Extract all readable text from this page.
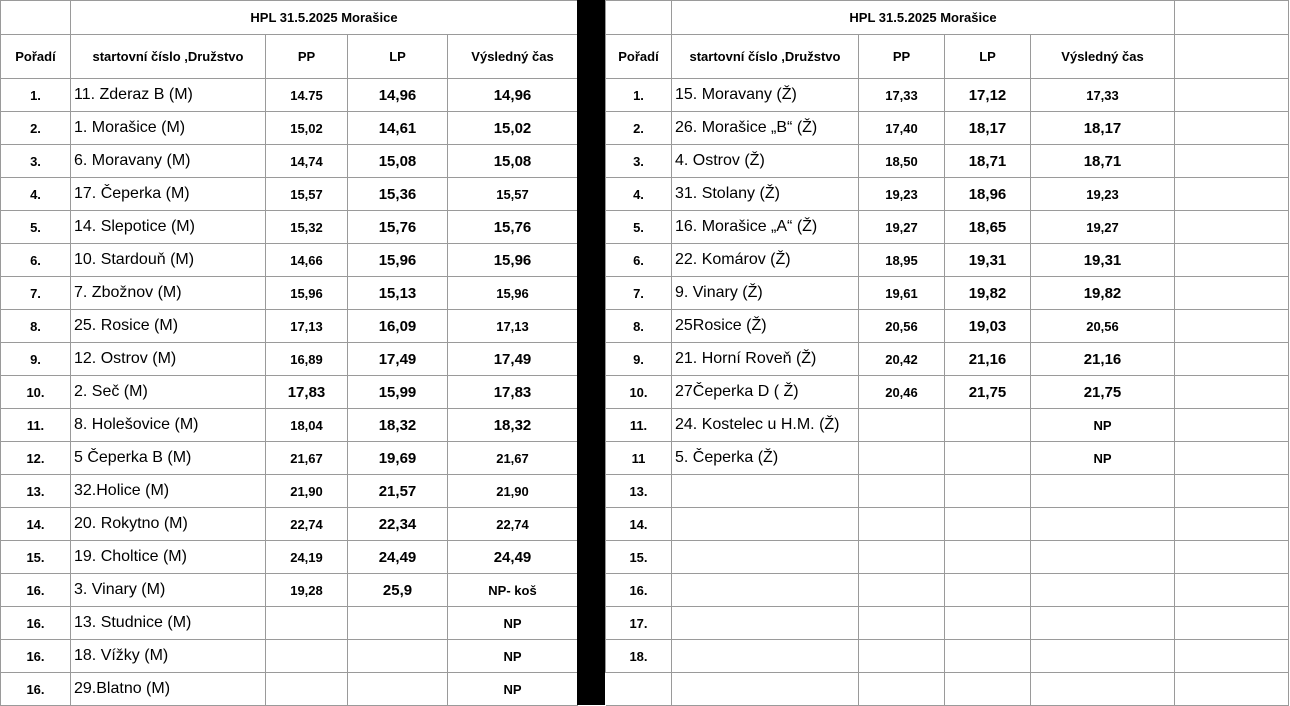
	HPL 31.5.2025 Morašice			
Pořadí	startovní číslo ,Družstvo	PP	LP	Výsledný čas
1.	11. Zderaz B (M)	14.75	14,96	14,96
2.	1. Morašice (M)	15,02	14,61	15,02
3.	6. Moravany (M)	14,74	15,08	15,08
4.	17. Čeperka (M)	15,57	15,36	15,57
5.	14. Slepotice (M)	15,32	15,76	15,76
6.	10. Stardouň (M)	14,66	15,96	15,96
7.	7. Zbožnov (M)	15,96	15,13	15,96
8.	25. Rosice (M)	17,13	16,09	17,13
9.	12. Ostrov (M)	16,89	17,49	17,49
10.	2. Seč (M)	17,83	15,99	17,83
11.	8. Holešovice (M)	18,04	18,32	18,32
12.	5 Čeperka B (M)	21,67	19,69	21,67
13.	32.Holice (M)	21,90	21,57	21,90
14.	20. Rokytno (M)	22,74	22,34	22,74
15.	19. Choltice (M)	24,19	24,49	24,49
16.	3. Vinary (M)	19,28	25,9	NP- koš
16.	13. Studnice (M)			NP
16.	18. Vížky (M)			NP
16.	29.Blatno (M)			NP
	HPL 31.5.2025 Morašice				
Pořadí	startovní číslo ,Družstvo	PP	LP	Výsledný čas	
1.	15. Moravany (Ž)	17,33	17,12	17,33	
2.	26. Morašice „B“ (Ž)	17,40	18,17	18,17	
3.	4. Ostrov (Ž)	18,50	18,71	18,71	
4.	31. Stolany (Ž)	19,23	18,96	19,23	
5.	16. Morašice „A“ (Ž)	19,27	18,65	19,27	
6.	22. Komárov (Ž)	18,95	19,31	19,31	
7.	9. Vinary (Ž)	19,61	19,82	19,82	
8.	25Rosice (Ž)	20,56	19,03	20,56	
9.	21. Horní Roveň (Ž)	20,42	21,16	21,16	
10.	27Čeperka D ( Ž)	20,46	21,75	21,75	
11.	24. Kostelec u H.M. (Ž)			NP	
11	5. Čeperka (Ž)			NP	
13.					
14.					
15.					
16.					
17.					
18.					
